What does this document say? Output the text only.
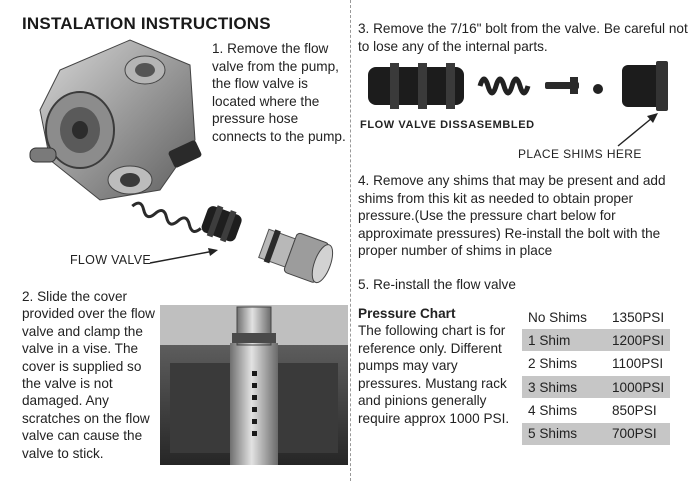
INSTALATION INSTRUCTIONS
1. Remove the flow valve from the pump, the flow valve is located where the pressure hose connects to the pump.
FLOW VALVE
2. Slide the cover provided over the flow valve and clamp the valve in a vise. The cover is supplied so the valve is not damaged. Any scratches on the flow valve can cause the valve to stick.
3. Remove the 7/16" bolt from the valve. Be careful not to lose any of the internal parts.
FLOW VALVE DISSASEMBLED
PLACE SHIMS HERE
4. Remove any shims that may be present and add shims from this kit as needed to obtain proper pressure.(Use the pressure chart below for approximate pressures) Re-install the bolt with the proper number of shims in place
5. Re-install the flow valve
Pressure Chart
The following chart is for reference only. Different pumps may vary pressures. Mustang rack and pinions generally require approx 1000 PSI.
No Shims	1350PSI
1 Shim	1200PSI
2 Shims	1100PSI
3 Shims	1000PSI
4 Shims	850PSI
5 Shims	700PSI
